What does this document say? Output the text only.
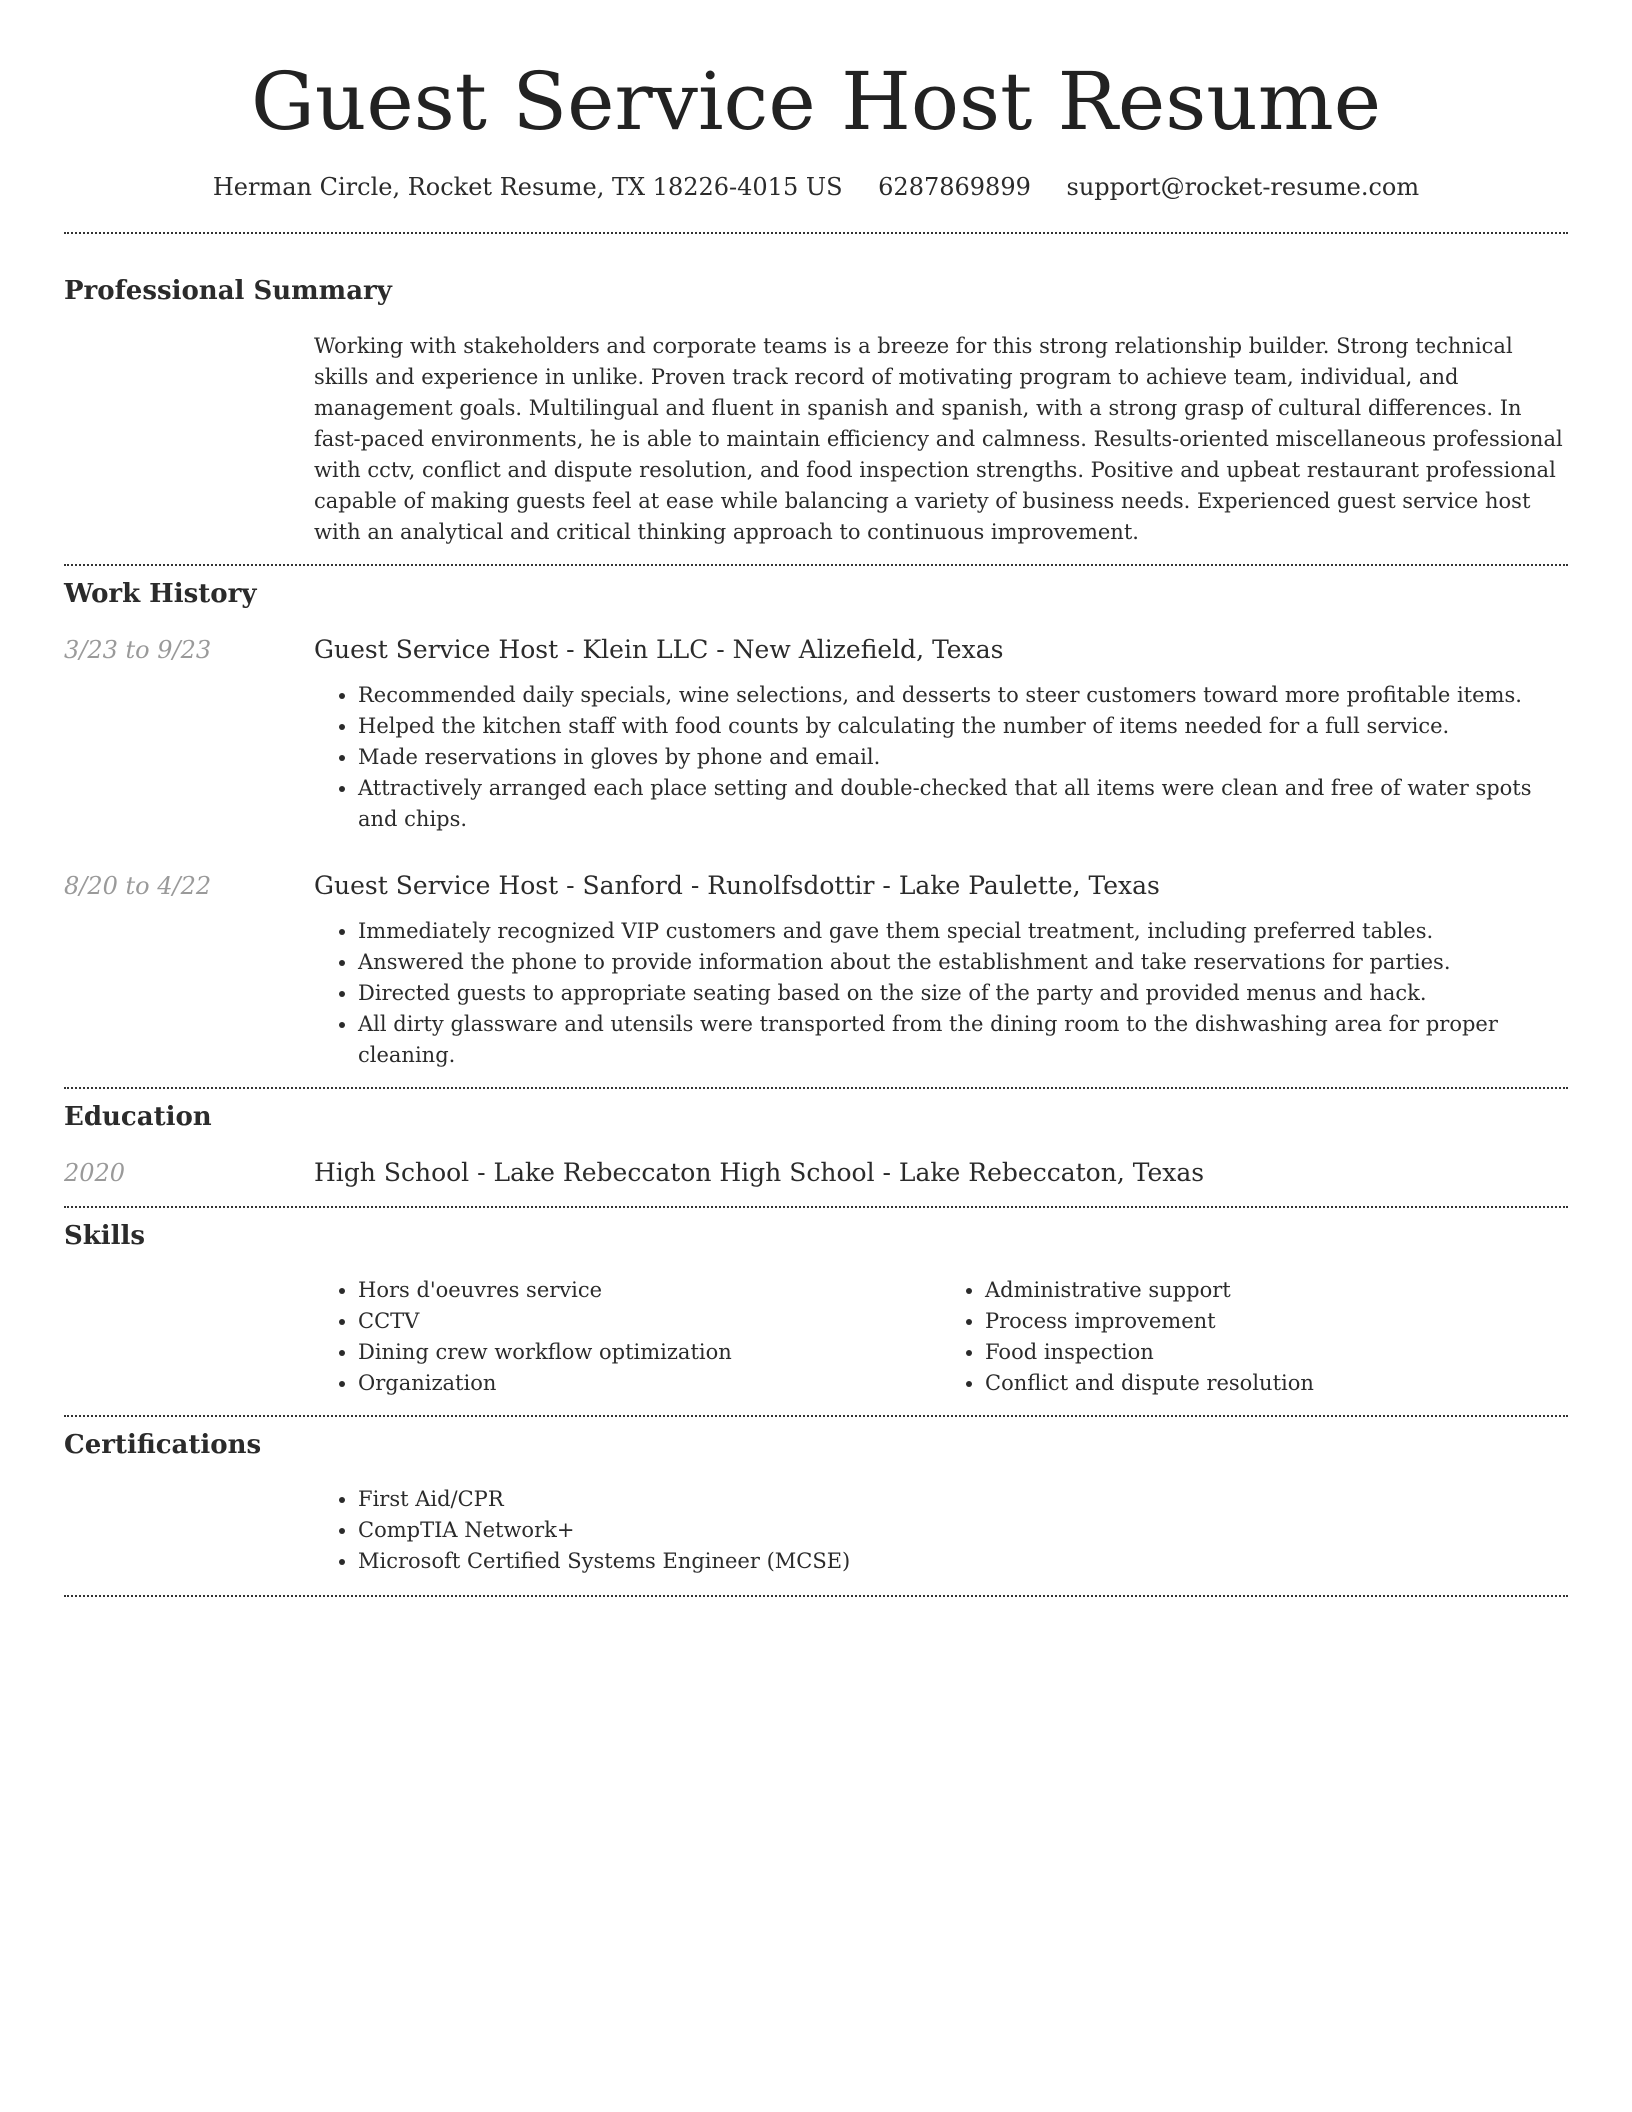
Guest Service Host Resume
Herman Circle, Rocket Resume, TX 18226-4015 US 6287869899 support@rocket-resume.com
Professional Summary

Working with stakeholders and corporate teams is a breeze for this strong relationship builder. Strong technical skills and experience in unlike. Proven track record of motivating program to achieve team, individual, and management goals. Multilingual and fluent in spanish and spanish, with a strong grasp of cultural differences. In fast-paced environments, he is able to maintain efficiency and calmness. Results-oriented miscellaneous professional with cctv, conflict and dispute resolution, and food inspection strengths. Positive and upbeat restaurant professional capable of making guests feel at ease while balancing a variety of business needs. Experienced guest service host with an analytical and critical thinking approach to continuous improvement.

Work History
3/23 to 9/23	Guest Service Host - Klein LLC - New Alizefield, Texas
• Recommended daily specials, wine selections, and desserts to steer customers toward more profitable items.
• Helped the kitchen staff with food counts by calculating the number of items needed for a full service.
• Made reservations in gloves by phone and email.
• Attractively arranged each place setting and double-checked that all items were clean and free of water spots and chips.
8/20 to 4/22	Guest Service Host - Sanford - Runolfsdottir - Lake Paulette, Texas
• Immediately recognized VIP customers and gave them special treatment, including preferred tables.
• Answered the phone to provide information about the establishment and take reservations for parties.
• Directed guests to appropriate seating based on the size of the party and provided menus and hack.
• All dirty glassware and utensils were transported from the dining room to the dishwashing area for proper cleaning.
Education
2020	High School - Lake Rebeccaton High School - Lake Rebeccaton, Texas
Skills
• Hors d'oeuvres service
• CCTV
• Dining crew workflow optimization
• Organization
• Administrative support
• Process improvement
• Food inspection
• Conflict and dispute resolution
Certifications
• First Aid/CPR
• CompTIA Network+
• Microsoft Certified Systems Engineer (MCSE)
